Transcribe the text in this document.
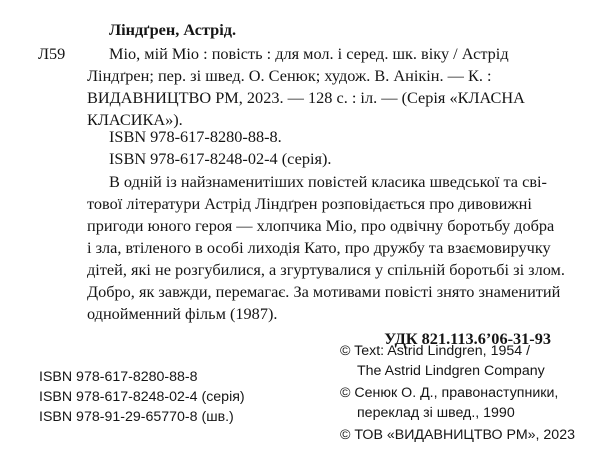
Ліндґрен, Астрід.
Л59	Міо, мій Міо : повість : для мол. і серед. шк. віку / Астрід
Ліндґрен; пер. зі швед. О. Сенюк; худож. В. Анікін. — К. :
ВИДАВНИЦТВО РМ, 2023. — 128 с. : іл. — (Серія «КЛАСНА
КЛАСИКА»).
ISBN 978-617-8280-88-8.
ISBN 978-617-8248-02-4 (серія).
В одній із найзнаменитіших повістей класика шведської та сві-
тової літератури Астрід Ліндґрен розповідається про дивовижні
пригоди юного героя — хлопчика Міо, про одвічну боротьбу добра
і зла, втіленого в особі лиходія Като, про дружбу та взаємовиручку
дітей, які не розгубилися, а згуртувалися у спільній боротьбі зі злом.
Добро, як завжди, перемагає. За мотивами повісті знято знаменитий
однойменний фільм (1987).
УДК 821.113.6’06-31-93
ISBN 978-617-8280-88-8
ISBN 978-617-8248-02-4 (серія)
ISBN 978-91-29-65770-8 (шв.)
© Text: Astrid Lindgren, 1954 /
The Astrid Lindgren Company
© Сенюк О. Д., правонаступники,
переклад зі швед., 1990
© ТОВ «ВИДАВНИЦТВО РМ», 2023
